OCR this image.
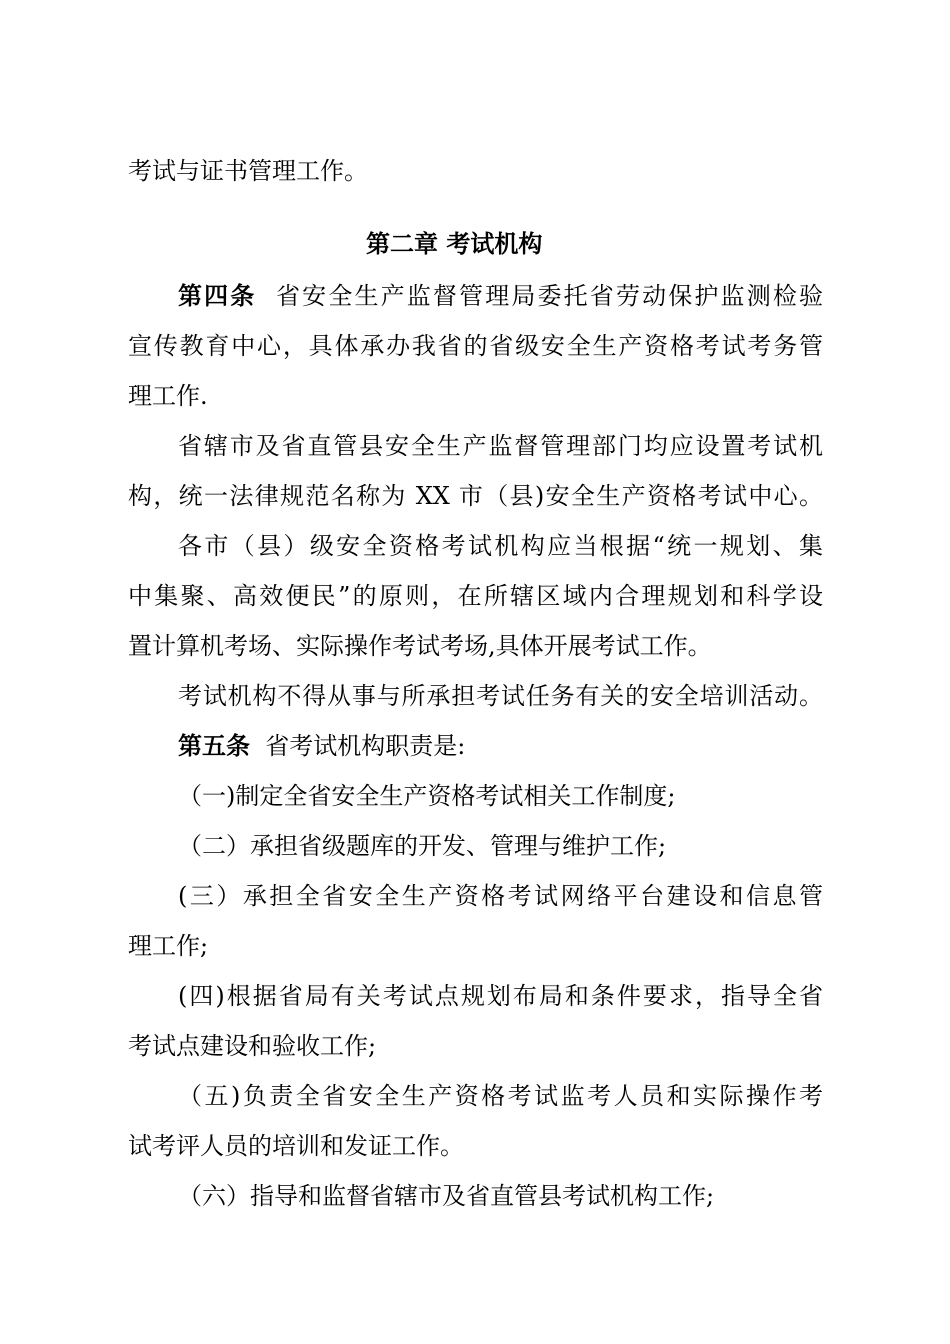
考试与证书管理工作。
第二章 考试机构
第四条 省安全生产监督管理局委托省劳动保护监测检验
宣传教育中心，具体承办我省的省级安全生产资格考试考务管
理工作.
省辖市及省直管县安全生产监督管理部门均应设置考试机
构，统一法律规范名称为 XX 市（县)安全生产资格考试中心。
各市（县）级安全资格考试机构应当根据“统一规划、集
中集聚、高效便民”的原则，在所辖区域内合理规划和科学设
置计算机考场、实际操作考试考场,具体开展考试工作。
考试机构不得从事与所承担考试任务有关的安全培训活动。
第五条 省考试机构职责是:
（一)制定全省安全生产资格考试相关工作制度;
（二）承担省级题库的开发、管理与维护工作;
(三）承担全省安全生产资格考试网络平台建设和信息管
理工作;
(四)根据省局有关考试点规划布局和条件要求，指导全省
考试点建设和验收工作;
（五)负责全省安全生产资格考试监考人员和实际操作考
试考评人员的培训和发证工作。
（六）指导和监督省辖市及省直管县考试机构工作;
